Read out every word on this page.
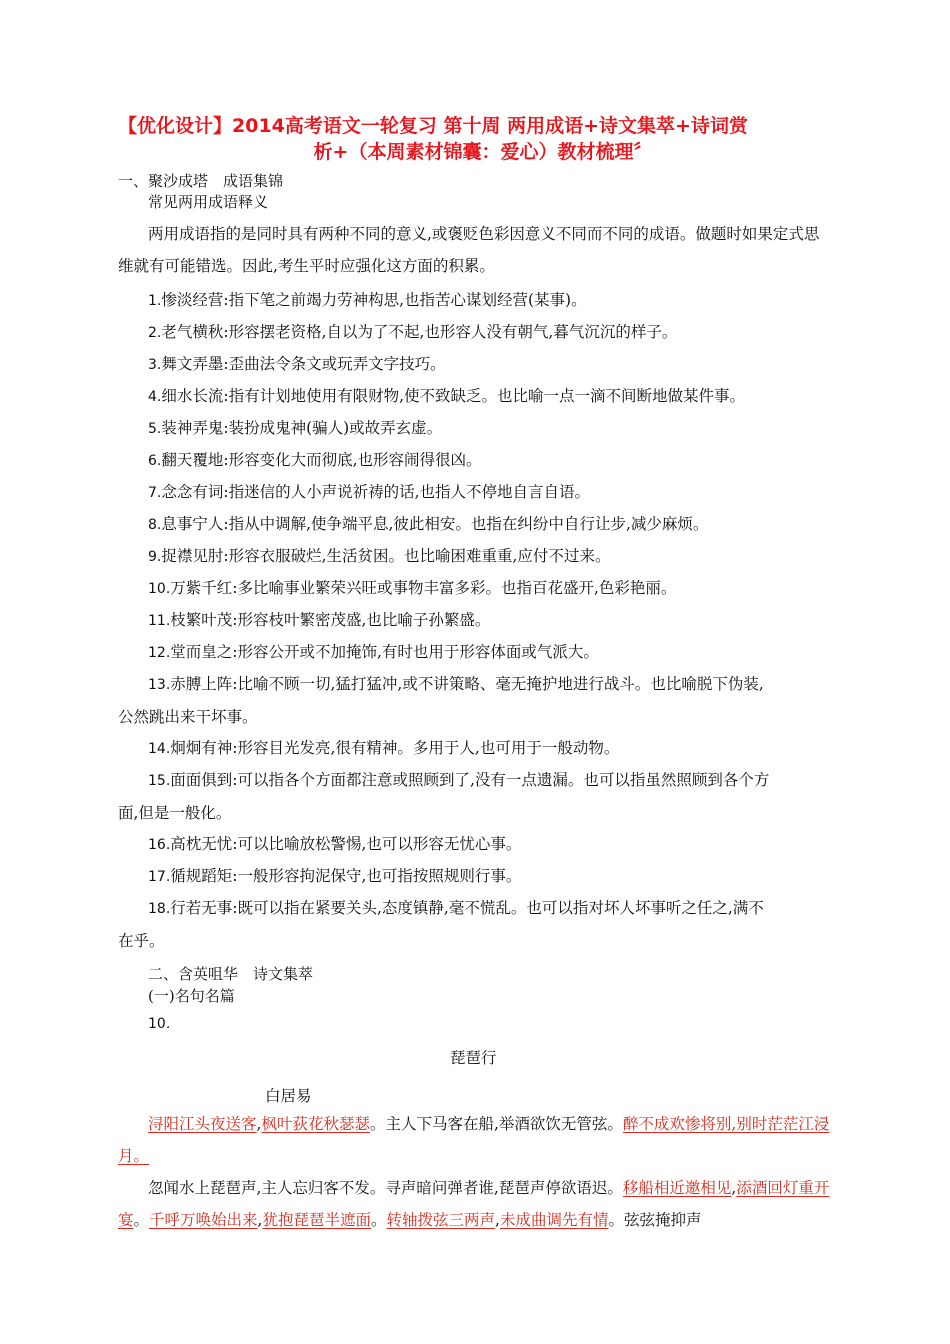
【优化设计】2014高考语文一轮复习 第十周 两用成语+诗文集萃+诗词赏
析+（本周素材锦囊：爱心）教材梳理〞
一、聚沙成塔　成语集锦
常见两用成语释义
两用成语指的是同时具有两种不同的意义,或褒贬色彩因意义不同而不同的成语。做题时如果定式思维就有可能错选。因此,考生平时应强化这方面的积累。
1.惨淡经营:指下笔之前竭力劳神构思,也指苦心谋划经营(某事)。
2.老气横秋:形容摆老资格,自以为了不起,也形容人没有朝气,暮气沉沉的样子。
3.舞文弄墨:歪曲法令条文或玩弄文字技巧。
4.细水长流:指有计划地使用有限财物,使不致缺乏。也比喻一点一滴不间断地做某件事。
5.装神弄鬼:装扮成鬼神(骗人)或故弄玄虚。
6.翻天覆地:形容变化大而彻底,也形容闹得很凶。
7.念念有词:指迷信的人小声说祈祷的话,也指人不停地自言自语。
8.息事宁人:指从中调解,使争端平息,彼此相安。也指在纠纷中自行让步,减少麻烦。
9.捉襟见肘:形容衣服破烂,生活贫困。也比喻困难重重,应付不过来。
10.万紫千红:多比喻事业繁荣兴旺或事物丰富多彩。也指百花盛开,色彩艳丽。
11.枝繁叶茂:形容枝叶繁密茂盛,也比喻子孙繁盛。
12.堂而皇之:形容公开或不加掩饰,有时也用于形容体面或气派大。
13.赤膊上阵:比喻不顾一切,猛打猛冲,或不讲策略、毫无掩护地进行战斗。也比喻脱下伪装,
公然跳出来干坏事。
14.炯炯有神:形容目光发亮,很有精神。多用于人,也可用于一般动物。
15.面面俱到:可以指各个方面都注意或照顾到了,没有一点遗漏。也可以指虽然照顾到各个方
面,但是一般化。
16.高枕无忧:可以比喻放松警惕,也可以形容无忧心事。
17.循规蹈矩:一般形容拘泥保守,也可指按照规则行事。
18.行若无事:既可以指在紧要关头,态度镇静,毫不慌乱。也可以指对坏人坏事听之任之,满不
在乎。
二、含英咀华　诗文集萃
(一)名句名篇
10.
琵琶行
白居易
浔阳江头夜送客,枫叶荻花秋瑟瑟。主人下马客在船,举酒欲饮无管弦。醉不成欢惨将别,别时茫茫江浸月。
忽闻水上琵琶声,主人忘归客不发。寻声暗问弹者谁,琵琶声停欲语迟。移船相近邀相见,添酒回灯重开宴。千呼万唤始出来,犹抱琵琶半遮面。转轴拨弦三两声,未成曲调先有情。弦弦掩抑声
